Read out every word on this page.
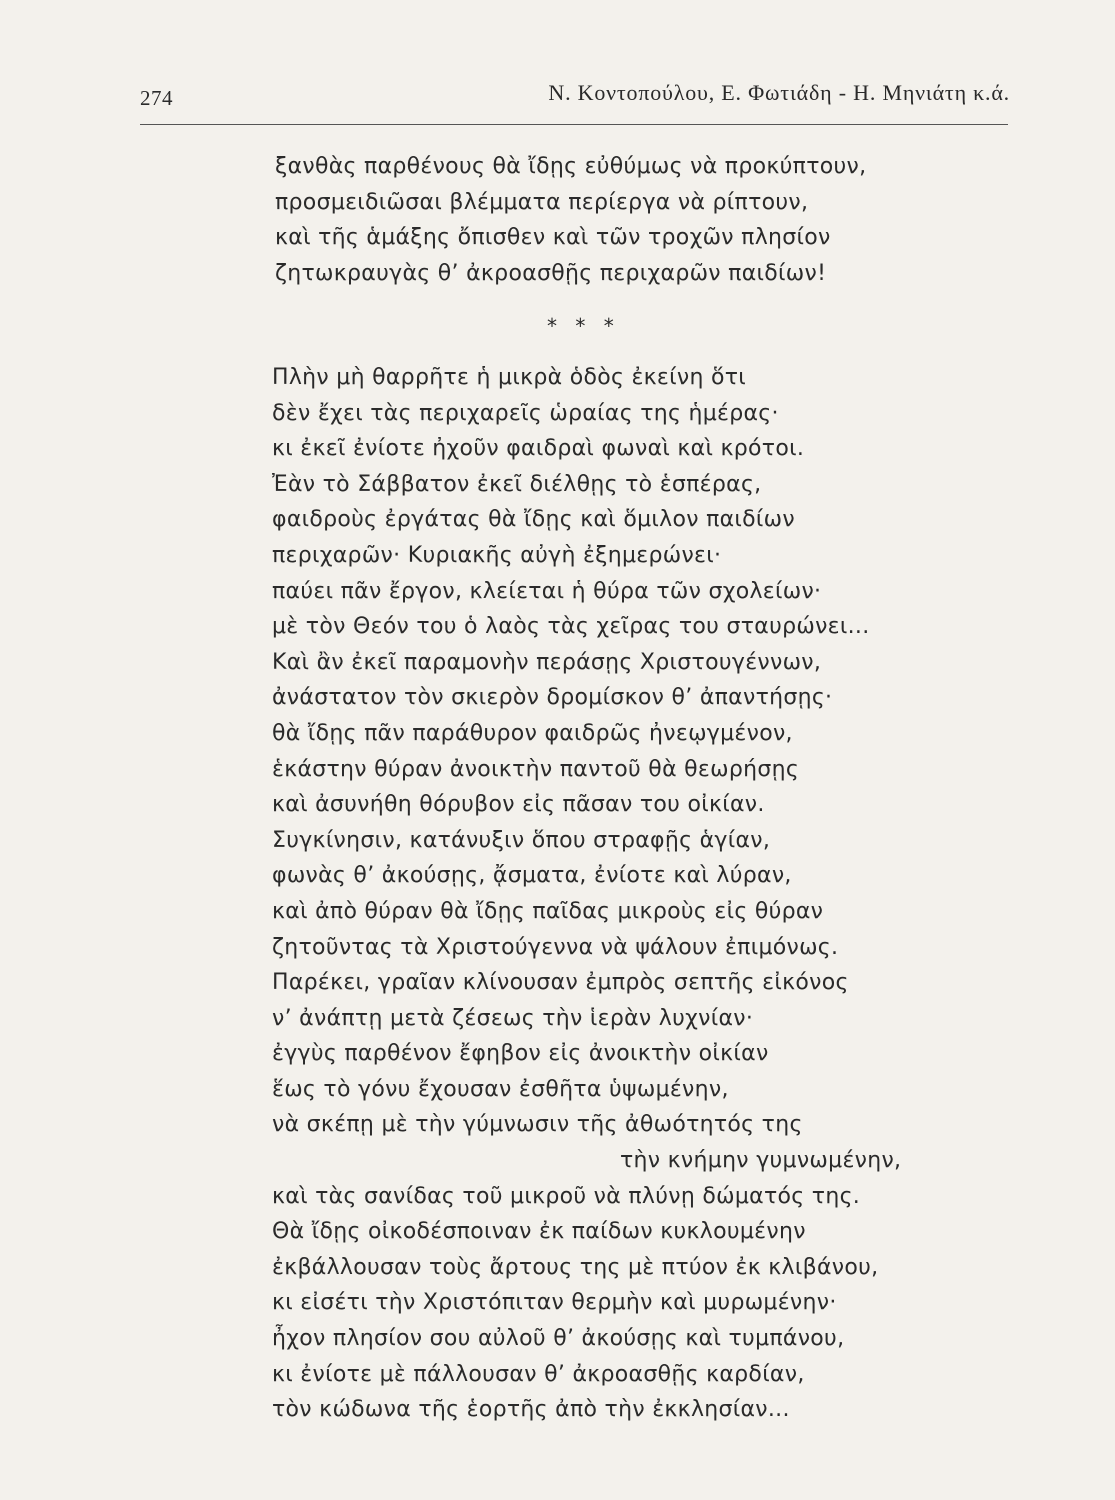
274	Ν. Κοντοπούλου, Ε. Φωτιάδη - Η. Μηνιάτη κ.ά.
ξανθὰς παρθένους θὰ ἴδῃς εὐθύμως νὰ προκύπτουν,
προσμειδιῶσαι βλέμματα περίεργα νὰ ρίπτουν,
καὶ τῆς ἁμάξης ὄπισθεν καὶ τῶν τροχῶν πλησίον
ζητωκραυγὰς θ’ ἀκροασθῇς περιχαρῶν παιδίων!
* * *
Πλὴν μὴ θαρρῆτε ἡ μικρὰ ὁδὸς ἐκείνη ὅτι
δὲν ἔχει τὰς περιχαρεῖς ὡραίας της ἡμέρας·
κι ἐκεῖ ἐνίοτε ἠχοῦν φαιδραὶ φωναὶ καὶ κρότοι.
Ἐὰν τὸ Σάββατον ἐκεῖ διέλθῃς τὸ ἑσπέρας,
φαιδροὺς ἐργάτας θὰ ἴδῃς καὶ ὅμιλον παιδίων
περιχαρῶν· Κυριακῆς αὐγὴ ἐξημερώνει·
παύει πᾶν ἔργον, κλείεται ἡ θύρα τῶν σχολείων·
μὲ τὸν Θεόν του ὁ λαὸς τὰς χεῖρας του σταυρώνει...
Καὶ ἂν ἐκεῖ παραμονὴν περάσῃς Χριστουγέννων,
ἀνάστατον τὸν σκιερὸν δρομίσκον θ’ ἀπαντήσῃς·
θὰ ἴδῃς πᾶν παράθυρον φαιδρῶς ἠνεῳγμένον,
ἑκάστην θύραν ἀνοικτὴν παντοῦ θὰ θεωρήσῃς
καὶ ἀσυνήθη θόρυβον εἰς πᾶσαν του οἰκίαν.
Συγκίνησιν, κατάνυξιν ὅπου στραφῇς ἁγίαν,
φωνὰς θ’ ἀκούσῃς, ᾄσματα, ἐνίοτε καὶ λύραν,
καὶ ἀπὸ θύραν θὰ ἴδῃς παῖδας μικροὺς εἰς θύραν
ζητοῦντας τὰ Χριστούγεννα νὰ ψάλουν ἐπιμόνως.
Παρέκει, γραῖαν κλίνουσαν ἐμπρὸς σεπτῆς εἰκόνος
ν’ ἀνάπτῃ μετὰ ζέσεως τὴν ἱερὰν λυχνίαν·
ἐγγὺς παρθένον ἔφηβον εἰς ἀνοικτὴν οἰκίαν
ἕως τὸ γόνυ ἔχουσαν ἐσθῆτα ὑψωμένην,
νὰ σκέπῃ μὲ τὴν γύμνωσιν τῆς ἀθωότητός της
τὴν κνήμην γυμνωμένην,
καὶ τὰς σανίδας τοῦ μικροῦ νὰ πλύνῃ δώματός της.
Θὰ ἴδῃς οἰκοδέσποιναν ἐκ παίδων κυκλουμένην
ἐκβάλλουσαν τοὺς ἄρτους της μὲ πτύον ἐκ κλιβάνου,
κι εἰσέτι τὴν Χριστόπιταν θερμὴν καὶ μυρωμένην·
ἦχον πλησίον σου αὐλοῦ θ’ ἀκούσῃς καὶ τυμπάνου,
κι ἐνίοτε μὲ πάλλουσαν θ’ ἀκροασθῇς καρδίαν,
τὸν κώδωνα τῆς ἑορτῆς ἀπὸ τὴν ἐκκλησίαν...
